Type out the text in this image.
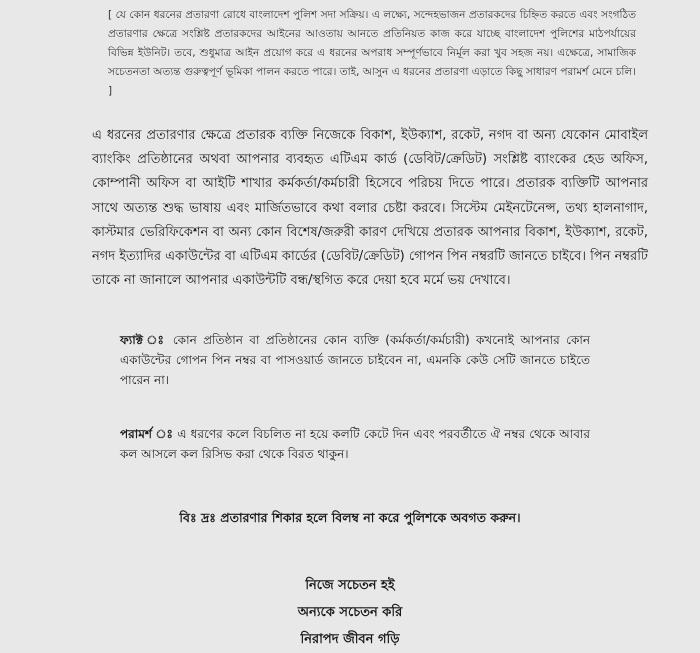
[ যে কোন ধরনের প্রতারণা রোধে বাংলাদেশ পুলিশ সদা সক্রিয়। এ লক্ষ্যে, সন্দেহভাজন প্রতারকদের চিহ্নিত করতে এবং সংগঠিত প্রতারণার ক্ষেত্রে সংশ্লিষ্ট প্রতারকদের আইনের আওতায় আনতে প্রতিনিয়ত কাজ করে যাচ্ছে বাংলাদেশ পুলিশের মাঠপর্যায়ের বিভিন্ন ইউনিট। তবে, শুধুমাত্র আইন প্রয়োগ করে এ ধরনের অপরাধ সম্পূর্ণভাবে নির্মূল করা খুব সহজ নয়। এক্ষেত্রে, সামাজিক সচেতনতা অত্যন্ত গুরুত্বপূর্ণ ভূমিকা পালন করতে পারে। তাই, আসুন এ ধরনের প্রতারণা এড়াতে কিছু সাধারণ পরামর্শ মেনে চলি। ]
এ ধরনের প্রতারণার ক্ষেত্রে প্রতারক ব্যক্তি নিজেকে বিকাশ, ইউক্যাশ, রকেট, নগদ বা অন্য যেকোন মোবাইল ব্যাংকিং প্রতিষ্ঠানের অথবা আপনার ব্যবহৃত এটিএম কার্ড (ডেবিট/ক্রেডিট) সংশ্লিষ্ট ব্যাংকের হেড অফিস, কোম্পানী অফিস বা আইটি শাখার কর্মকর্তা/কর্মচারী হিসেবে পরিচয় দিতে পারে। প্রতারক ব্যক্তিটি আপনার সাথে অত্যন্ত শুদ্ধ ভাষায় এবং মার্জিতভাবে কথা বলার চেষ্টা করবে। সিস্টেম মেইনটেনেন্স, তথ্য হালনাগাদ, কাস্টমার ভেরিফিকেশন বা অন্য কোন বিশেষ/জরুরী কারণ দেখিয়ে প্রতারক আপনার বিকাশ, ইউক্যাশ, রকেট, নগদ ইত্যাদির একাউন্টের বা এটিএম কার্ডের (ডেবিট/ক্রেডিট) গোপন পিন নম্বরটি জানতে চাইবে। পিন নম্বরটি তাকে না জানালে আপনার একাউন্টটি বন্ধ/স্থগিত করে দেয়া হবে মর্মে ভয় দেখাবে।
ফ্যাক্ট ঃ কোন প্রতিষ্ঠান বা প্রতিষ্ঠানের কোন ব্যক্তি (কর্মকর্তা/কর্মচারী) কখনোই আপনার কোন একাউন্টের গোপন পিন নম্বর বা পাসওয়ার্ড জানতে চাইবেন না, এমনকি কেউ সেটি জানতে চাইতে পারেন না।
পরামর্শ ঃ এ ধরণের কলে বিচলিত না হয়ে কলটি কেটে দিন এবং পরবর্তীতে ঐ নম্বর থেকে আবার কল আসলে কল রিসিভ করা থেকে বিরত থাকুন।
বিঃ দ্রঃ প্রতারণার শিকার হলে বিলম্ব না করে পুলিশকে অবগত করুন।
নিজে সচেতন হই
অন্যকে সচেতন করি
নিরাপদ জীবন গড়ি
